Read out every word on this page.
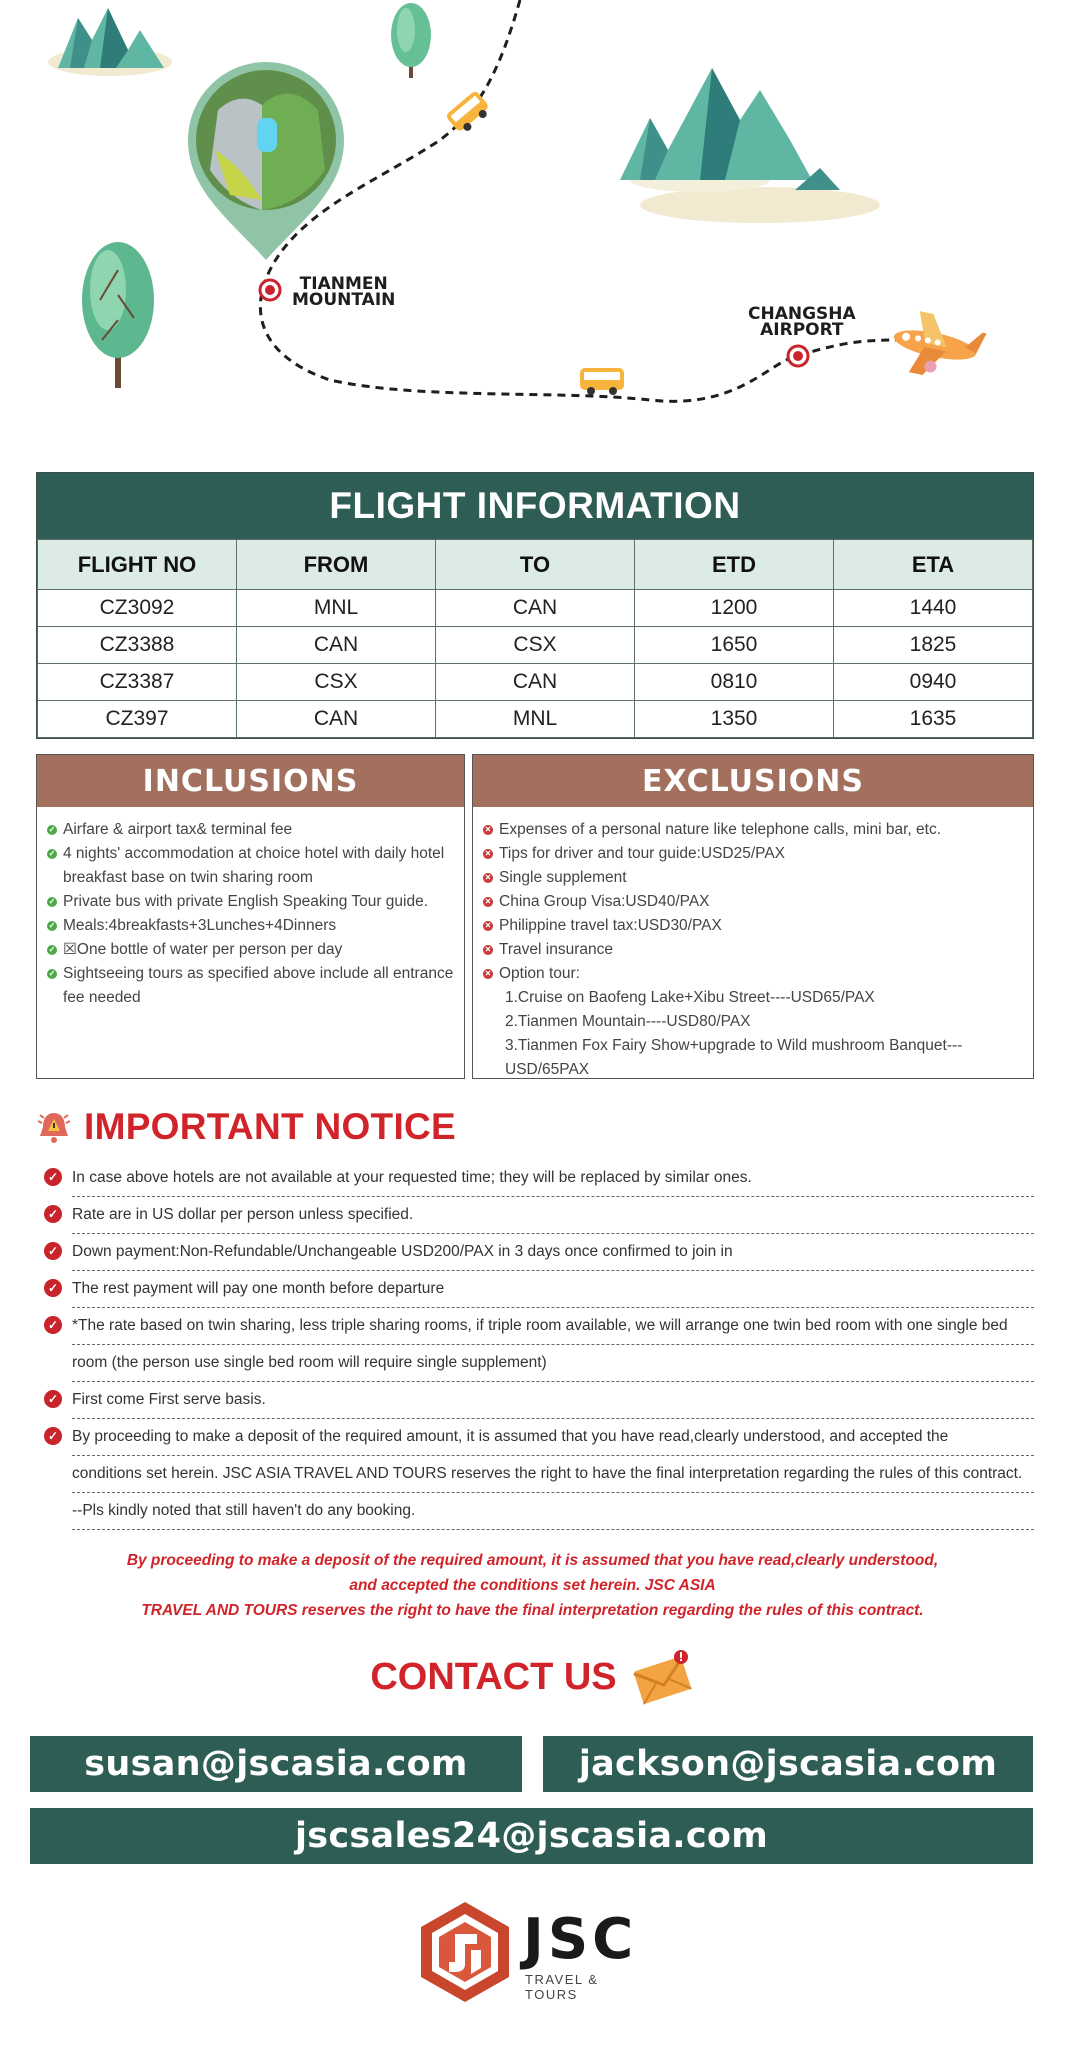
TIANMEN
MOUNTAIN
CHANGSHA
AIRPORT
FLIGHT INFORMATION
FLIGHT NO	FROM	TO	ETD	ETA
CZ3092	MNL	CAN	1200	1440
CZ3388	CAN	CSX	1650	1825
CZ3387	CSX	CAN	0810	0940
CZ397	CAN	MNL	1350	1635
INCLUSIONS
✓ Airfare & airport tax& terminal fee
✓ 4 nights' accommodation at choice hotel with daily hotel
breakfast base on twin sharing room
✓ Private bus with private English Speaking Tour guide.
✓ Meals:4breakfasts+3Lunches+4Dinners
✓ ☒One bottle of water per person per day
✓ Sightseeing tours as specified above include all entrance
fee needed
EXCLUSIONS
✕ Expenses of a personal nature like telephone calls, mini bar, etc.
✕ Tips for driver and tour guide:USD25/PAX
✕ Single supplement
✕ China Group Visa:USD40/PAX
✕ Philippine travel tax:USD30/PAX
✕ Travel insurance
✕ Option tour:
1.Cruise on Baofeng Lake+Xibu Street----USD65/PAX
2.Tianmen Mountain----USD80/PAX
3.Tianmen Fox Fairy Show+upgrade to Wild mushroom Banquet---USD/65PAX
IMPORTANT NOTICE
✓ In case above hotels are not available at your requested time; they will be replaced by similar ones.
✓ Rate are in US dollar per person unless specified.
✓ Down payment:Non-Refundable/Unchangeable USD200/PAX in 3 days once confirmed to join in
✓ The rest payment will pay one month before departure
✓ *The rate based on twin sharing, less triple sharing rooms, if triple room available, we will arrange one twin bed room with one single bed
room (the person use single bed room will require single supplement)
✓ First come First serve basis.
✓ By proceeding to make a deposit of the required amount, it is assumed that you have read,clearly understood, and accepted the
conditions set herein. JSC ASIA TRAVEL AND TOURS reserves the right to have the final interpretation regarding the rules of this contract.
--Pls kindly noted that still haven't do any booking.
By proceeding to make a deposit of the required amount, it is assumed that you have read,clearly understood,
and accepted the conditions set herein. JSC ASIA
TRAVEL AND TOURS reserves the right to have the final interpretation regarding the rules of this contract.
CONTACT US
susan@jscasia.com	jackson@jscasia.com
jscsales24@jscasia.com
JSC
TRAVEL & TOURS
